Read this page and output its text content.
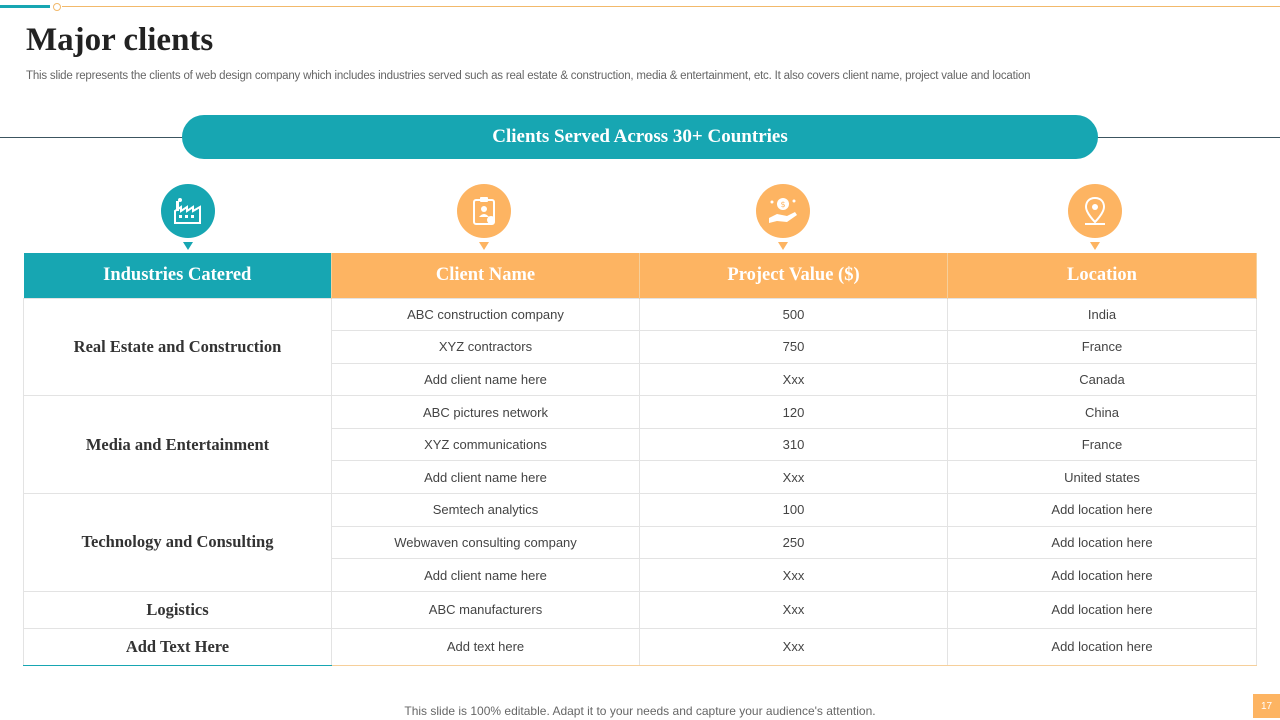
Major clients

This slide represents the clients of web design company which includes industries served such as real estate & construction, media & entertainment, etc. It also covers client name, project value and location

Clients Served Across 30+ Countries
$
Industries Catered	Client Name	Project Value ($)	Location
Real Estate and Construction	ABC construction company	500	India
	XYZ contractors	750	France
	Add client name here	Xxx	Canada
Media and Entertainment	ABC pictures network	120	China
	XYZ communications	310	France
	Add client name here	Xxx	United states
Technology and Consulting	Semtech analytics	100	Add location here
	Webwaven consulting company	250	Add location here
	Add client name here	Xxx	Add location here
Logistics	ABC manufacturers	Xxx	Add location here
Add Text Here	Add text here	Xxx	Add location here

This slide is 100% editable. Adapt it to your needs and capture your audience's attention.	17
